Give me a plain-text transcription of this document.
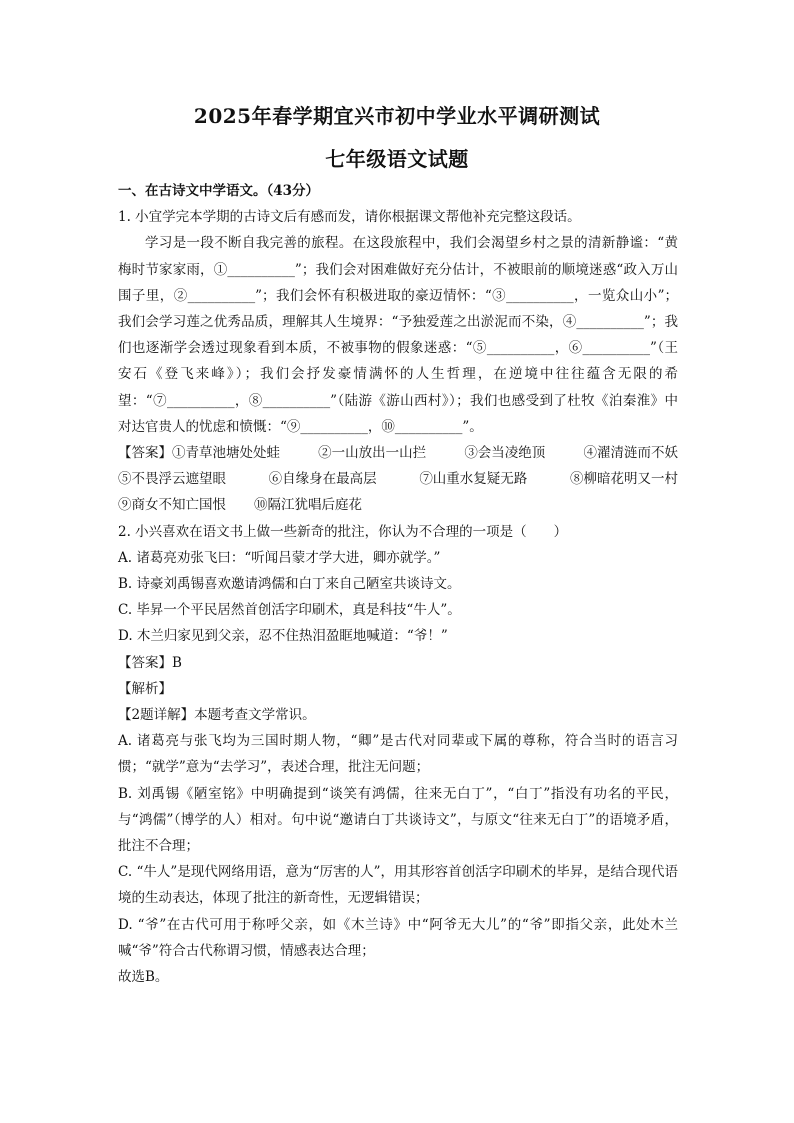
2025年春学期宜兴市初中学业水平调研测试
七年级语文试题

一、在古诗文中学语文。（43分）

1. 小宜学完本学期的古诗文后有感而发，请你根据课文帮他补充完整这段话。

学习是一段不断自我完善的旅程。在这段旅程中，我们会渴望乡村之景的清新静谧：“黄梅时节家家雨，①__________”；我们会对困难做好充分估计，不被眼前的顺境迷惑“政入万山围子里，②__________”；我们会怀有积极进取的豪迈情怀：“③__________，一览众山小”；我们会学习莲之优秀品质，理解其人生境界：“予独爱莲之出淤泥而不染，④__________”；我们也逐渐学会透过现象看到本质，不被事物的假象迷惑：“⑤__________，⑥__________”（王安石《登飞来峰》）；我们会抒发豪情满怀的人生哲理，在逆境中往往蕴含无限的希望：“⑦__________，⑧__________”（陆游《游山西村》）；我们也感受到了杜牧《泊秦淮》中对达官贵人的忧虑和愤慨：“⑨__________，⑩__________”。

【答案】①青草池塘处处蛙	②一山放出一山拦	③会当凌绝顶	④濯清涟而不妖
⑤不畏浮云遮望眼	⑥自缘身在最高层	⑦山重水复疑无路	⑧柳暗花明又一村
⑨商女不知亡国恨 ⑩隔江犹唱后庭花

2. 小兴喜欢在语文书上做一些新奇的批注，你认为不合理的一项是（　　）

A. 诸葛亮劝张飞曰：“听闻吕蒙才学大进，卿亦就学。”

B. 诗豪刘禹锡喜欢邀请鸿儒和白丁来自己陋室共谈诗文。

C. 毕昇一个平民居然首创活字印刷术，真是科技“牛人”。

D. 木兰归家见到父亲，忍不住热泪盈眶地喊道：“爷！”

【答案】B

【解析】

【2题详解】本题考查文学常识。

A. 诸葛亮与张飞均为三国时期人物，“卿”是古代对同辈或下属的尊称，符合当时的语言习惯；“就学”意为“去学习”，表述合理，批注无问题；

B. 刘禹锡《陋室铭》中明确提到“谈笑有鸿儒，往来无白丁”，“白丁”指没有功名的平民，与“鸿儒”（博学的人）相对。句中说“邀请白丁共谈诗文”，与原文“往来无白丁”的语境矛盾，批注不合理；

C. “牛人”是现代网络用语，意为“厉害的人”，用其形容首创活字印刷术的毕昇，是结合现代语境的生动表达，体现了批注的新奇性，无逻辑错误；

D. “爷”在古代可用于称呼父亲，如《木兰诗》中“阿爷无大儿”的“爷”即指父亲，此处木兰喊“爷”符合古代称谓习惯，情感表达合理；

故选B。
